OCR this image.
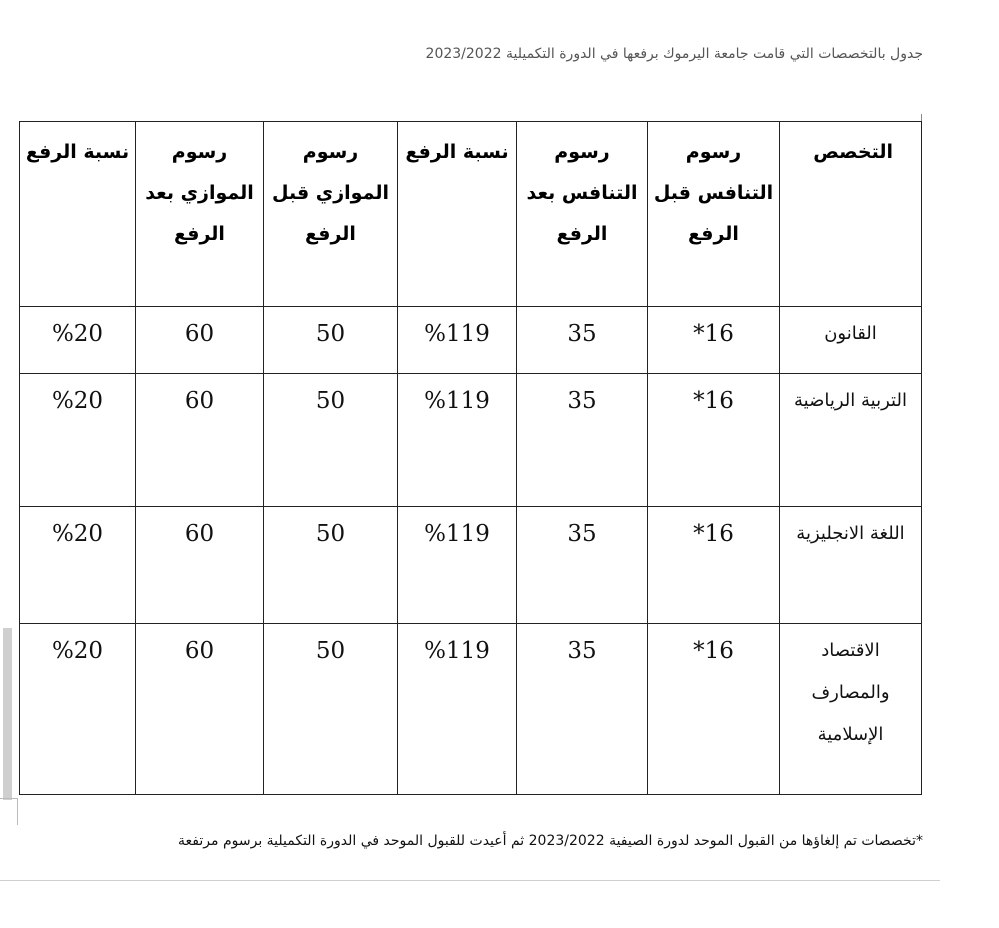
جدول بالتخصصات التي قامت جامعة اليرموك برفعها في الدورة التكميلية 2023/2022
التخصص	رسوم التنافس قبل الرفع	رسوم التنافس بعد الرفع	نسبة الرفع	رسوم الموازي قبل الرفع	رسوم الموازي بعد الرفع	نسبة الرفع
القانون	16*	35	%119	50	60	%20
التربية الرياضية	16*	35	%119	50	60	%20
اللغة الانجليزية	16*	35	%119	50	60	%20
الاقتصاد والمصارف الإسلامية	16*	35	%119	50	60	%20
*تخصصات تم إلغاؤها من القبول الموحد لدورة الصيفية 2023/2022 ثم أعيدت للقبول الموحد في الدورة التكميلية برسوم مرتفعة
